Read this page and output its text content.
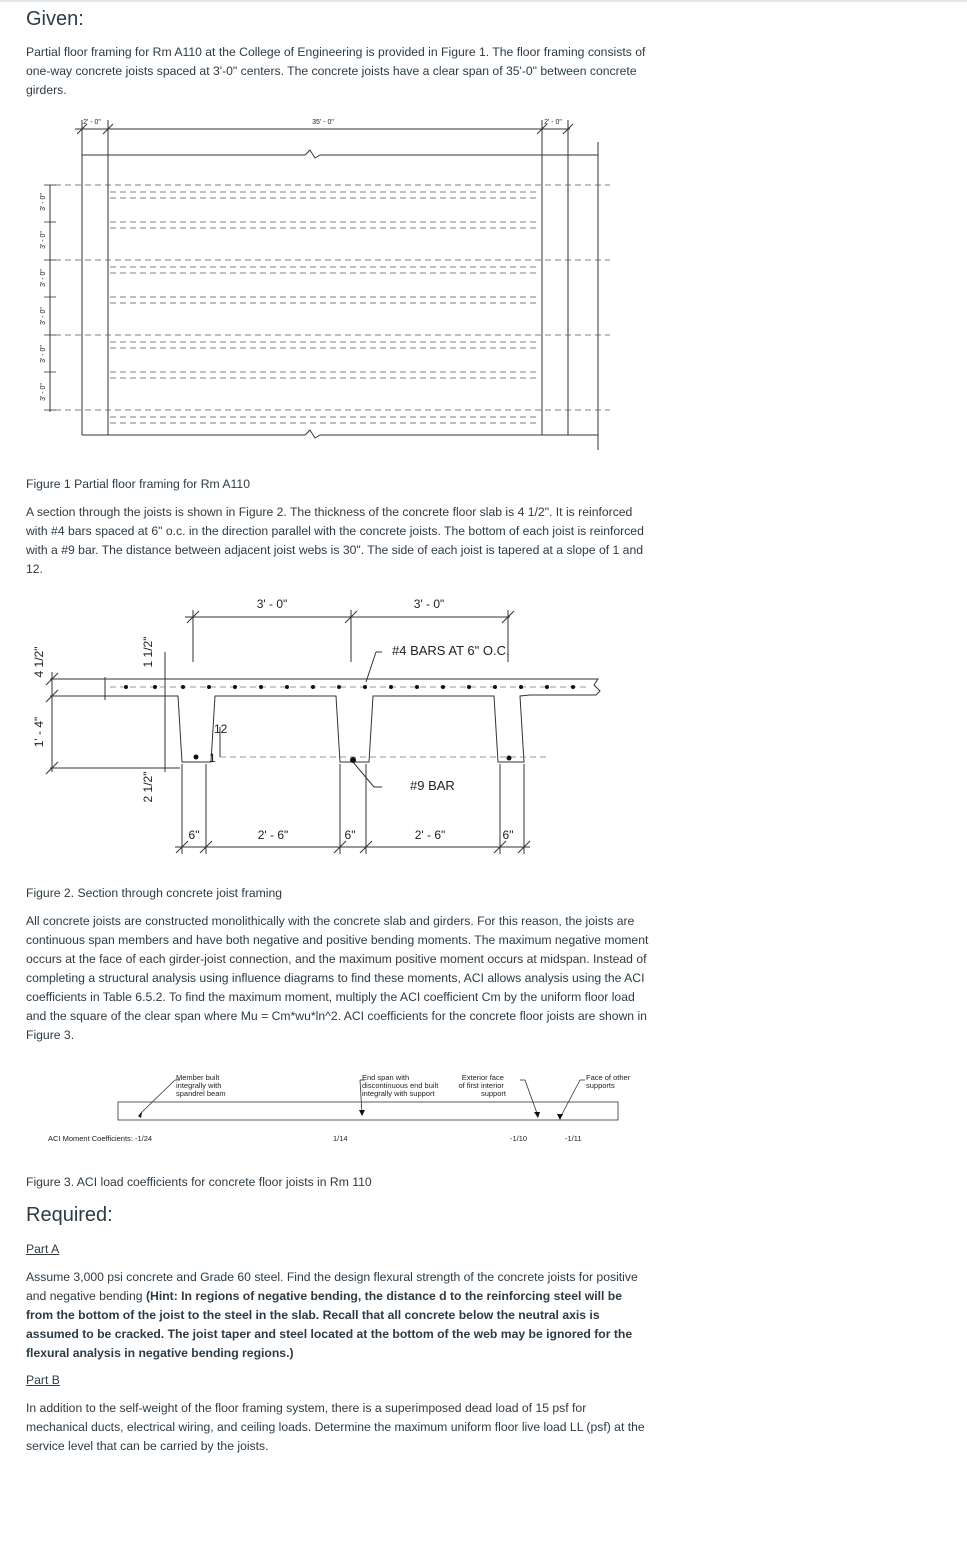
Given:

Partial floor framing for Rm A110 at the College of Engineering is provided in Figure 1. The floor framing consists of one-way concrete joists spaced at 3'-0" centers. The concrete joists have a clear span of 35'-0" between concrete girders.

2' - 0"	35' - 0"	2' - 0"
3' - 0"
3' - 0"
3' - 0"
3' - 0"
3' - 0"
3' - 0"

Figure 1 Partial floor framing for Rm A110

A section through the joists is shown in Figure 2. The thickness of the concrete floor slab is 4 1/2". It is reinforced with #4 bars spaced at 6" o.c. in the direction parallel with the concrete joists. The bottom of each joist is reinforced with a #9 bar. The distance between adjacent joist webs is 30". The side of each joist is tapered at a slope of 1 and 12.

3' - 0"	3' - 0"
#4 BARS AT 6" O.C.
#9 BAR
4 1/2"
1' - 4"
1 1/2"
2 1/2"
12
1
6"	2' - 6"	6"	2' - 6"	6"

Figure 2. Section through concrete joist framing

All concrete joists are constructed monolithically with the concrete slab and girders. For this reason, the joists are continuous span members and have both negative and positive bending moments. The maximum negative moment occurs at the face of each girder-joist connection, and the maximum positive moment occurs at midspan. Instead of completing a structural analysis using influence diagrams to find these moments, ACI allows analysis using the ACI coefficients in Table 6.5.2. To find the maximum moment, multiply the ACI coefficient Cm by the uniform floor load and the square of the clear span where Mu = Cm*wu*ln^2. ACI coefficients for the concrete floor joists are shown in Figure 3.

Member built integrally with spandrel beam
End span with discontinuous end built integrally with support
Exterior face of first interior support
Face of other supports
ACI Moment Coefficients: -1/24	1/14	-1/10	-1/11

Figure 3. ACI load coefficients for concrete floor joists in Rm 110

Required:

Part A

Assume 3,000 psi concrete and Grade 60 steel. Find the design flexural strength of the concrete joists for positive and negative bending (Hint: In regions of negative bending, the distance d to the reinforcing steel will be from the bottom of the joist to the steel in the slab. Recall that all concrete below the neutral axis is assumed to be cracked. The joist taper and steel located at the bottom of the web may be ignored for the flexural analysis in negative bending regions.)

Part B

In addition to the self-weight of the floor framing system, there is a superimposed dead load of 15 psf for mechanical ducts, electrical wiring, and ceiling loads. Determine the maximum uniform floor live load LL (psf) at the service level that can be carried by the joists.
